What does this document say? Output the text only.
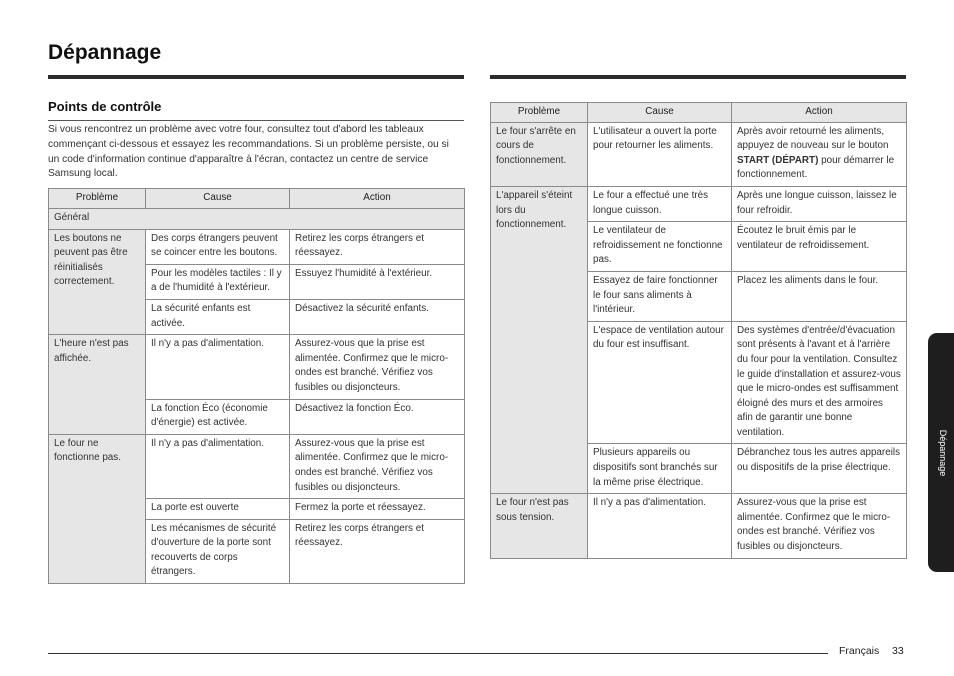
Dépannage
Points de contrôle

Si vous rencontrez un problème avec votre four, consultez tout d'abord les tableaux commençant ci-dessous et essayez les recommandations. Si un problème persiste, ou si un code d'information continue d'apparaître à l'écran, contactez un centre de service Samsung local.

Problème	Cause	Action
Général		
Les boutons ne peuvent pas être réinitialisés correctement.	Des corps étrangers peuvent se coincer entre les boutons.	Retirez les corps étrangers et réessayez.
	Pour les modèles tactiles : Il y a de l'humidité à l'extérieur.	Essuyez l'humidité à l'extérieur.
	La sécurité enfants est activée.	Désactivez la sécurité enfants.
L'heure n'est pas affichée.	Il n'y a pas d'alimentation.	Assurez-vous que la prise est alimentée. Confirmez que le micro-ondes est branché. Vérifiez vos fusibles ou disjoncteurs.
	La fonction Éco (économie d'énergie) est activée.	Désactivez la fonction Éco.
Le four ne fonctionne pas.	Il n'y a pas d'alimentation.	Assurez-vous que la prise est alimentée. Confirmez que le micro-ondes est branché. Vérifiez vos fusibles ou disjoncteurs.
	La porte est ouverte	Fermez la porte et réessayez.
	Les mécanismes de sécurité d'ouverture de la porte sont recouverts de corps étrangers.	Retirez les corps étrangers et réessayez.
Problème	Cause	Action
Le four s'arrête en cours de fonctionnement.	L'utilisateur a ouvert la porte pour retourner les aliments.	Après avoir retourné les aliments, appuyez de nouveau sur le bouton START (DÉPART) pour démarrer le fonctionnement.
L'appareil s'éteint lors du fonctionnement.	Le four a effectué une très longue cuisson.	Après une longue cuisson, laissez le four refroidir.
	Le ventilateur de refroidissement ne fonctionne pas.	Écoutez le bruit émis par le ventilateur de refroidissement.
	Essayez de faire fonctionner le four sans aliments à l'intérieur.	Placez les aliments dans le four.
	L'espace de ventilation autour du four est insuffisant.	Des systèmes d'entrée/d'évacuation sont présents à l'avant et à l'arrière du four pour la ventilation. Consultez le guide d'installation et assurez-vous que le micro-ondes est suffisamment éloigné des murs et des armoires afin de garantir une bonne ventilation.
	Plusieurs appareils ou dispositifs sont branchés sur la même prise électrique.	Débranchez tous les autres appareils ou dispositifs de la prise électrique.
Le four n'est pas sous tension.	Il n'y a pas d'alimentation.	Assurez-vous que la prise est alimentée. Confirmez que le micro-ondes est branché. Vérifiez vos fusibles ou disjoncteurs.
Dépannage
Français 33
